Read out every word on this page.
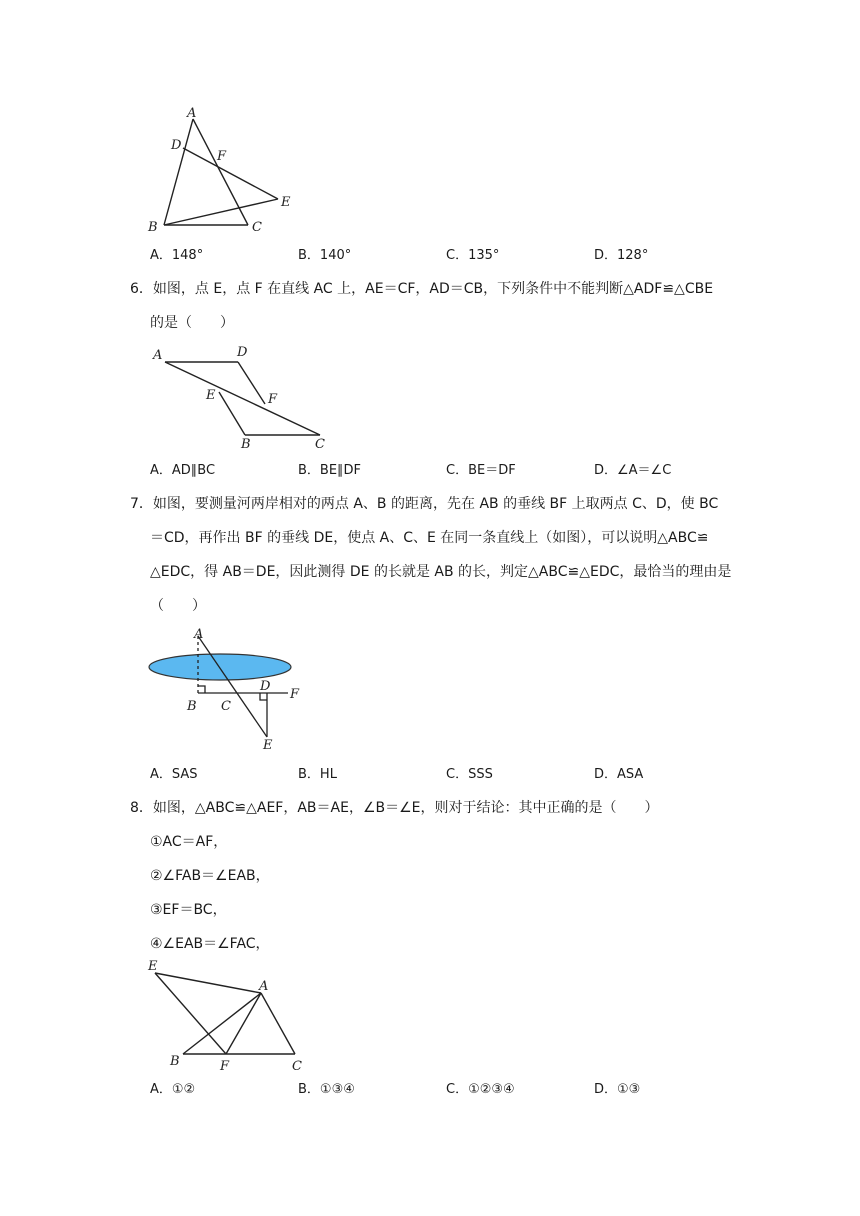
A
D
F
E
B	C
A．148°	B．140°	C．135°	D．128°
6．如图，点 E，点 F 在直线 AC 上，AE＝CF，AD＝CB，下列条件中不能判断△ADF≌△CBE
的是（　　）
A	D
E	F
B	C
A．AD∥BC	B．BE∥DF	C．BE＝DF	D．∠A＝∠C
7．如图，要测量河两岸相对的两点 A、B 的距离，先在 AB 的垂线 BF 上取两点 C、D，使 BC
＝CD，再作出 BF 的垂线 DE，使点 A、C、E 在同一条直线上（如图），可以说明△ABC≌
△EDC，得 AB＝DE，因此测得 DE 的长就是 AB 的长，判定△ABC≌△EDC，最恰当的理由是
（　　）
A
B C
D
F
E
A．SAS	B．HL	C．SSS	D．ASA
8．如图，△ABC≌△AEF，AB＝AE，∠B＝∠E，则对于结论：其中正确的是（　　）
①AC＝AF，
②∠FAB＝∠EAB，
③EF＝BC，
④∠EAB＝∠FAC，
E
A
B	F	C
A．①②	B．①③④	C．①②③④	D．①③
